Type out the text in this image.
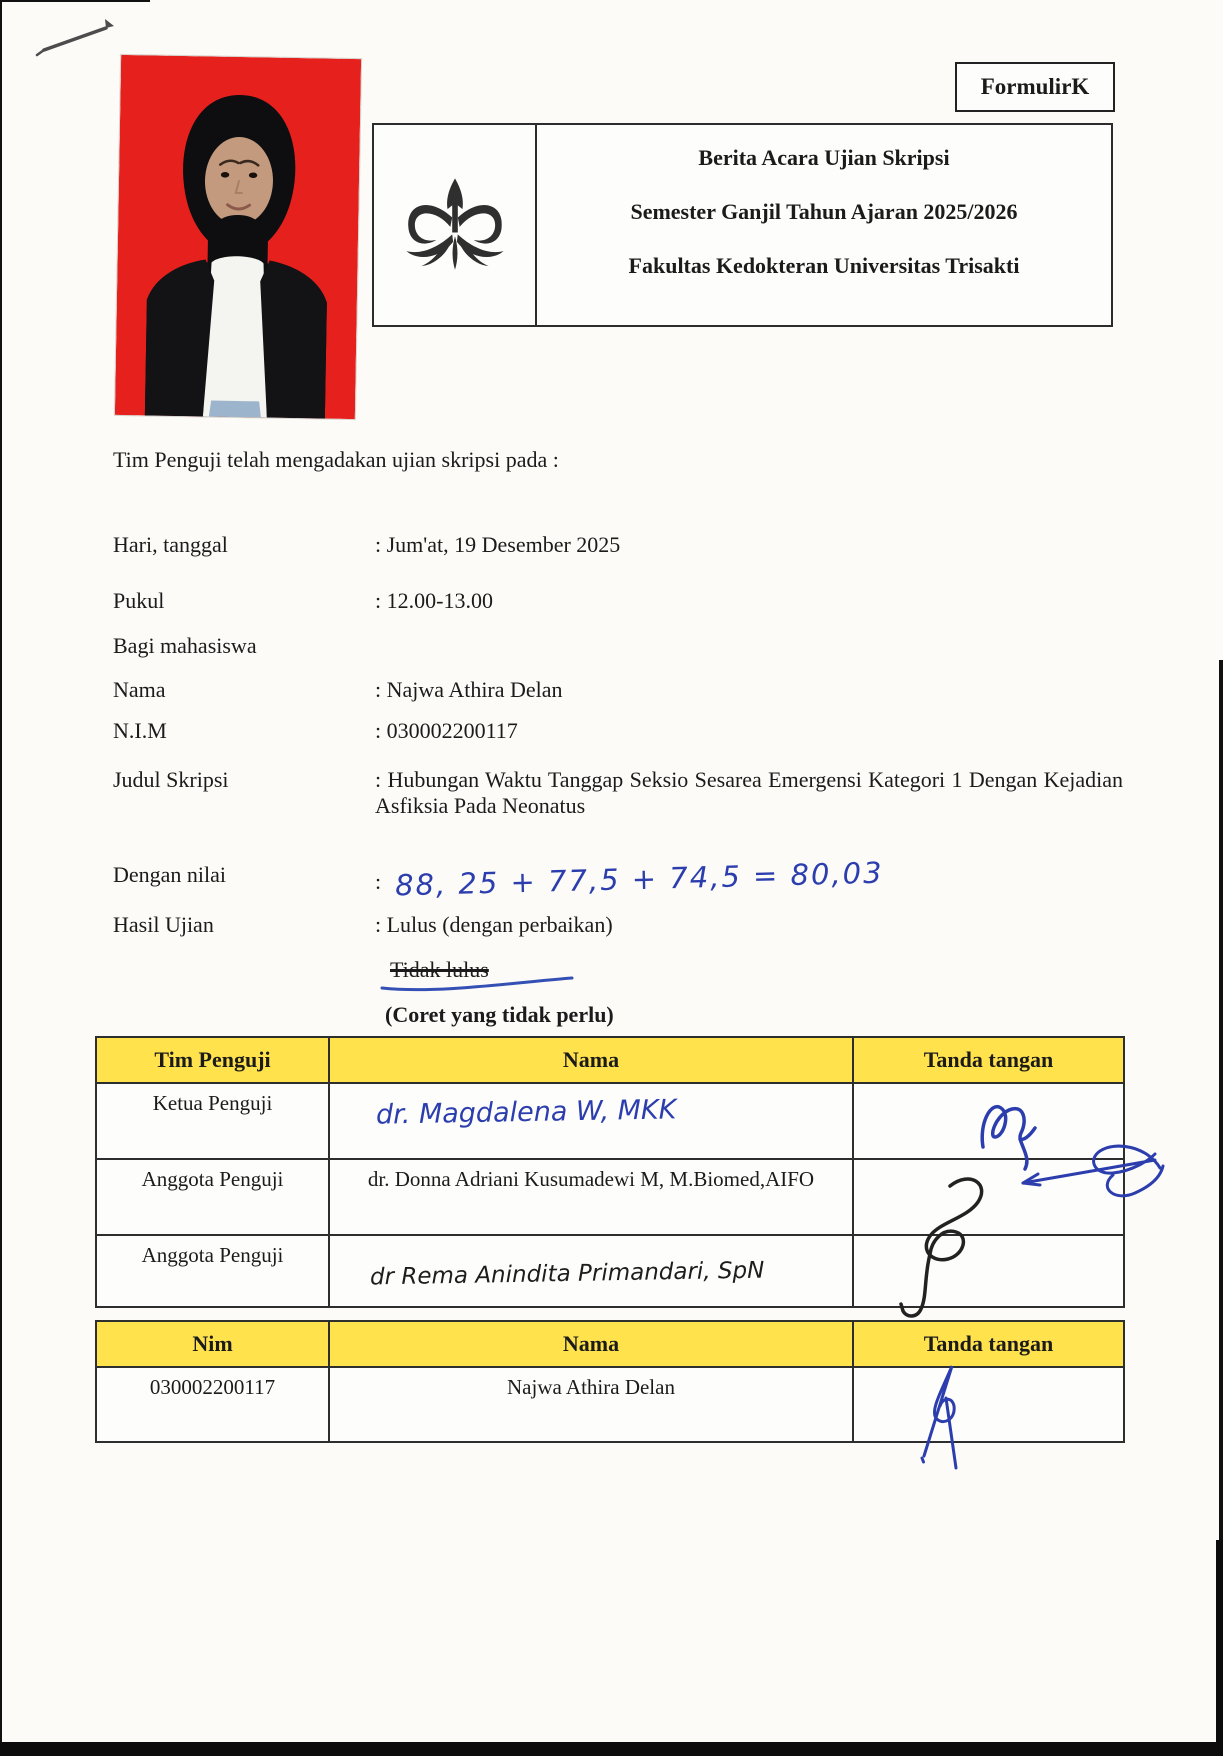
FormulirK
Berita Acara Ujian Skripsi
Semester Ganjil Tahun Ajaran 2025/2026
Fakultas Kedokteran Universitas Trisakti
Tim Penguji telah mengadakan ujian skripsi pada :
Hari, tanggal	: Jum'at, 19 Desember 2025
Pukul	: 12.00-13.00
Bagi mahasiswa
Nama	: Najwa Athira Delan
N.I.M	: 030002200117
Judul Skripsi	: Hubungan Waktu Tanggap Seksio Sesarea Emergensi Kategori 1 Dengan Kejadian Asfiksia Pada Neonatus
Dengan nilai	: 88, 25 + 77,5 + 74,5 = 80,03
Hasil Ujian	: Lulus (dengan perbaikan)
Tidak lulus
(Coret yang tidak perlu)
Tim Penguji	Nama	Tanda tangan
Ketua Penguji	dr. Magdalena W, MKK	
Anggota Penguji	dr. Donna Adriani Kusumadewi M, M.Biomed,AIFO	
Anggota Penguji	dr Rema Anindita Primandari, SpN	
Nim	Nama	Tanda tangan
030002200117	Najwa Athira Delan	
